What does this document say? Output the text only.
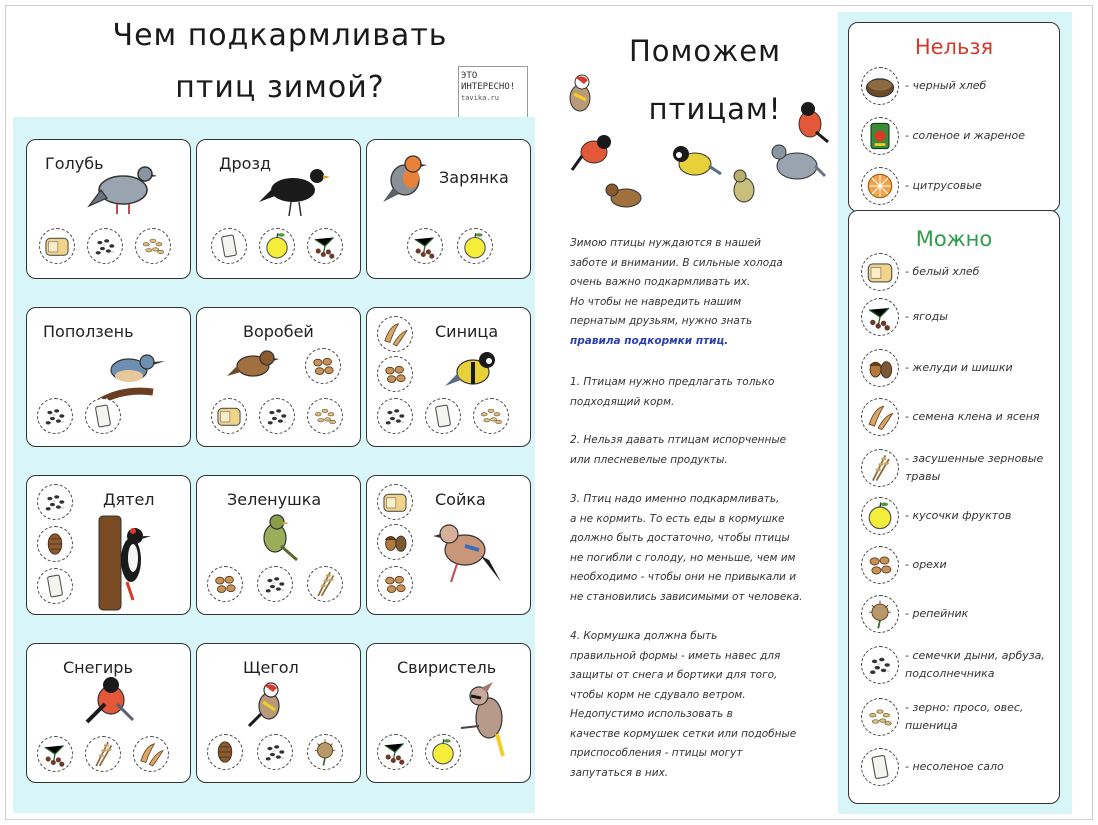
Чем подкармливать
птиц зимой?	ЭТО
ИНТЕРЕСНО!
tavika.ru
Голубь	Дрозд
Зарянка
Поползень	Воробей	Синица
Дятел	Зеленушка	Сойка
Снегирь	Щегол	Свиристель
Поможем
птицам!
Зимою птицы нуждаются в нашей
заботе и внимании. В сильные холода
очень важно подкармливать их.
Но чтобы не навредить нашим
пернатым друзьям, нужно знать
правила подкормки птиц.
1. Птицам нужно предлагать только
подходящий корм.
2. Нельзя давать птицам испорченные
или плесневелые продукты.
3. Птиц надо именно подкармливать,
а не кормить. То есть еды в кормушке
должно быть достаточно, чтобы птицы
не погибли с голоду, но меньше, чем им
необходимо - чтобы они не привыкали и
не становились зависимыми от человека.
4. Кормушка должна быть
правильной формы - иметь навес для
защиты от снега и бортики для того,
чтобы корм не сдувало ветром.
Недопустимо использовать в
качестве кормушек сетки или подобные
приспособления - птицы могут
запутаться в них.
Нельзя
- черный хлеб
- соленое и жареное
- цитрусовые
Можно
- белый хлеб
- ягоды
- желуди и шишки
- семена клена и ясеня
- засушенные зерновые травы
- кусочки фруктов
- орехи
- репейник
- семечки дыни, арбуза, подсолнечника
- зерно: просо, овес, пшеница
- несоленое сало
